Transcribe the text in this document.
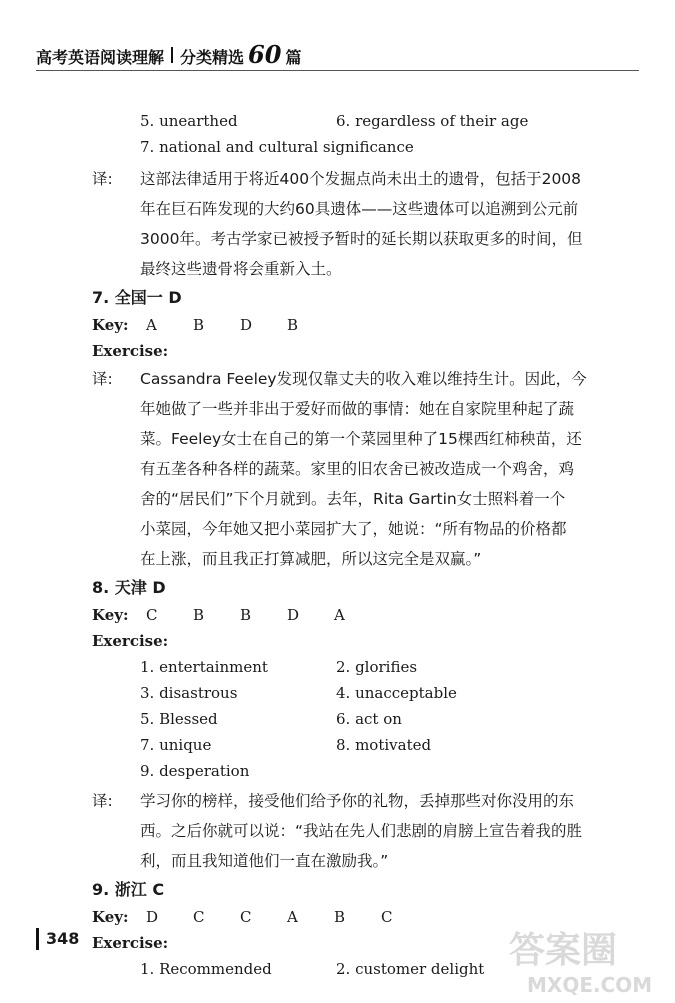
高考英语阅读理解 分类精选 60 篇
5. unearthed	6. regardless of their age
7. national and cultural significance
译: 这部法律适用于将近400个发掘点尚未出土的遗骨，包括于2008
年在巨石阵发现的大约60具遗体——这些遗体可以追溯到公元前
3000年。考古学家已被授予暂时的延长期以获取更多的时间，但
最终这些遗骨将会重新入土。
7. 全国一 D
Key:	A	B	D	B
Exercise:
译: Cassandra Feeley发现仅靠丈夫的收入难以维持生计。因此，今
年她做了一些并非出于爱好而做的事情：她在自家院里种起了蔬
菜。Feeley女士在自己的第一个菜园里种了15棵西红柿秧苗，还
有五垄各种各样的蔬菜。家里的旧农舍已被改造成一个鸡舍，鸡
舍的“居民们”下个月就到。去年，Rita Gartin女士照料着一个
小菜园，今年她又把小菜园扩大了，她说：“所有物品的价格都
在上涨，而且我正打算减肥，所以这完全是双赢。”
8. 天津 D
Key:	C	B	B	D	A
Exercise:
1. entertainment	2. glorifies
3. disastrous	4. unacceptable
5. Blessed	6. act on
7. unique	8. motivated
9. desperation
译: 学习你的榜样，接受他们给予你的礼物，丢掉那些对你没用的东
西。之后你就可以说：“我站在先人们悲剧的肩膀上宣告着我的胜
利，而且我知道他们一直在激励我。”
9. 浙江 C
Key:	D	C	C	A	B	C
Exercise:
1. Recommended	2. customer delight
348	答案圈
MXQE.COM
